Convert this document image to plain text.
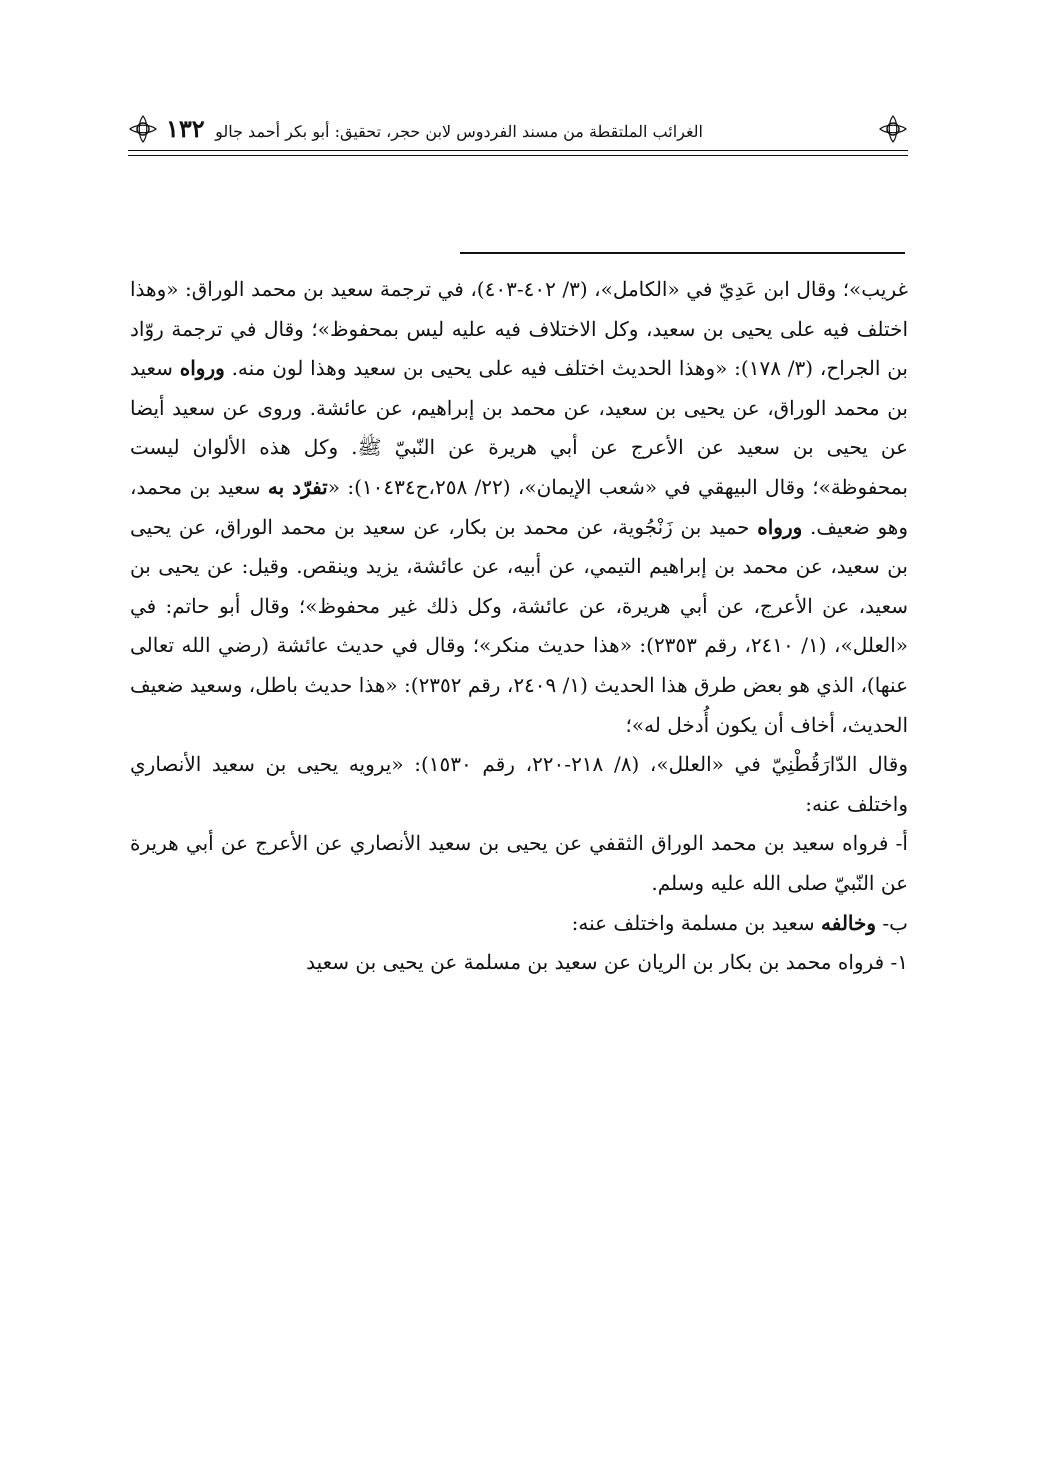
الغرائب الملتقطة من مسند الفردوس لابن حجر، تحقيق: أبو بكر أحمد جالو
١٣٢

غريب»؛ وقال ابن عَدِيّ في «الكامل»، (٣/ ٤٠٢-٤٠٣)، في ترجمة سعيد بن محمد الوراق: «وهذا اختلف فيه على يحيى بن سعيد، وكل الاختلاف فيه عليه ليس بمحفوظ»؛ وقال في ترجمة روّاد بن الجراح، (٣/ ١٧٨): «وهذا الحديث اختلف فيه على يحيى بن سعيد وهذا لون منه. ورواه سعيد بن محمد الوراق، عن يحيى بن سعيد، عن محمد بن إبراهيم، عن عائشة. وروى عن سعيد أيضا عن يحيى بن سعيد عن الأعرج عن أبي هريرة عن النّبيّ ﷺ. وكل هذه الألوان ليست بمحفوظة»؛ وقال البيهقي في «شعب الإيمان»، (٢٢/ ٢٥٨،ح١٠٤٣٤): «تفرّد به سعيد بن محمد، وهو ضعيف. ورواه حميد بن زَنْجُوية، عن محمد بن بكار، عن سعيد بن محمد الوراق، عن يحيى بن سعيد، عن محمد بن إبراهيم التيمي، عن أبيه، عن عائشة، يزيد وينقص. وقيل: عن يحيى بن سعيد، عن الأعرج، عن أبي هريرة، عن عائشة، وكل ذلك غير محفوظ»؛ وقال أبو حاتم: في «العلل»، (١/ ٢٤١٠، رقم ٢٣٥٣): «هذا حديث منكر»؛ وقال في حديث عائشة (رضي الله تعالى عنها)، الذي هو بعض طرق هذا الحديث (١/ ٢٤٠٩، رقم ٢٣٥٢): «هذا حديث باطل، وسعيد ضعيف الحديث، أخاف أن يكون أُدخل له»؛

وقال الدّارَقُطْنِيّ في «العلل»، (٨/ ٢١٨-٢٢٠، رقم ١٥٣٠): «يرويه يحيى بن سعيد الأنصاري واختلف عنه:

أ- فرواه سعيد بن محمد الوراق الثقفي عن يحيى بن سعيد الأنصاري عن الأعرج عن أبي هريرة عن النّبيّ صلى الله عليه وسلم.

ب- وخالفه سعيد بن مسلمة واختلف عنه:

١- فرواه محمد بن بكار بن الريان عن سعيد بن مسلمة عن يحيى بن سعيد
